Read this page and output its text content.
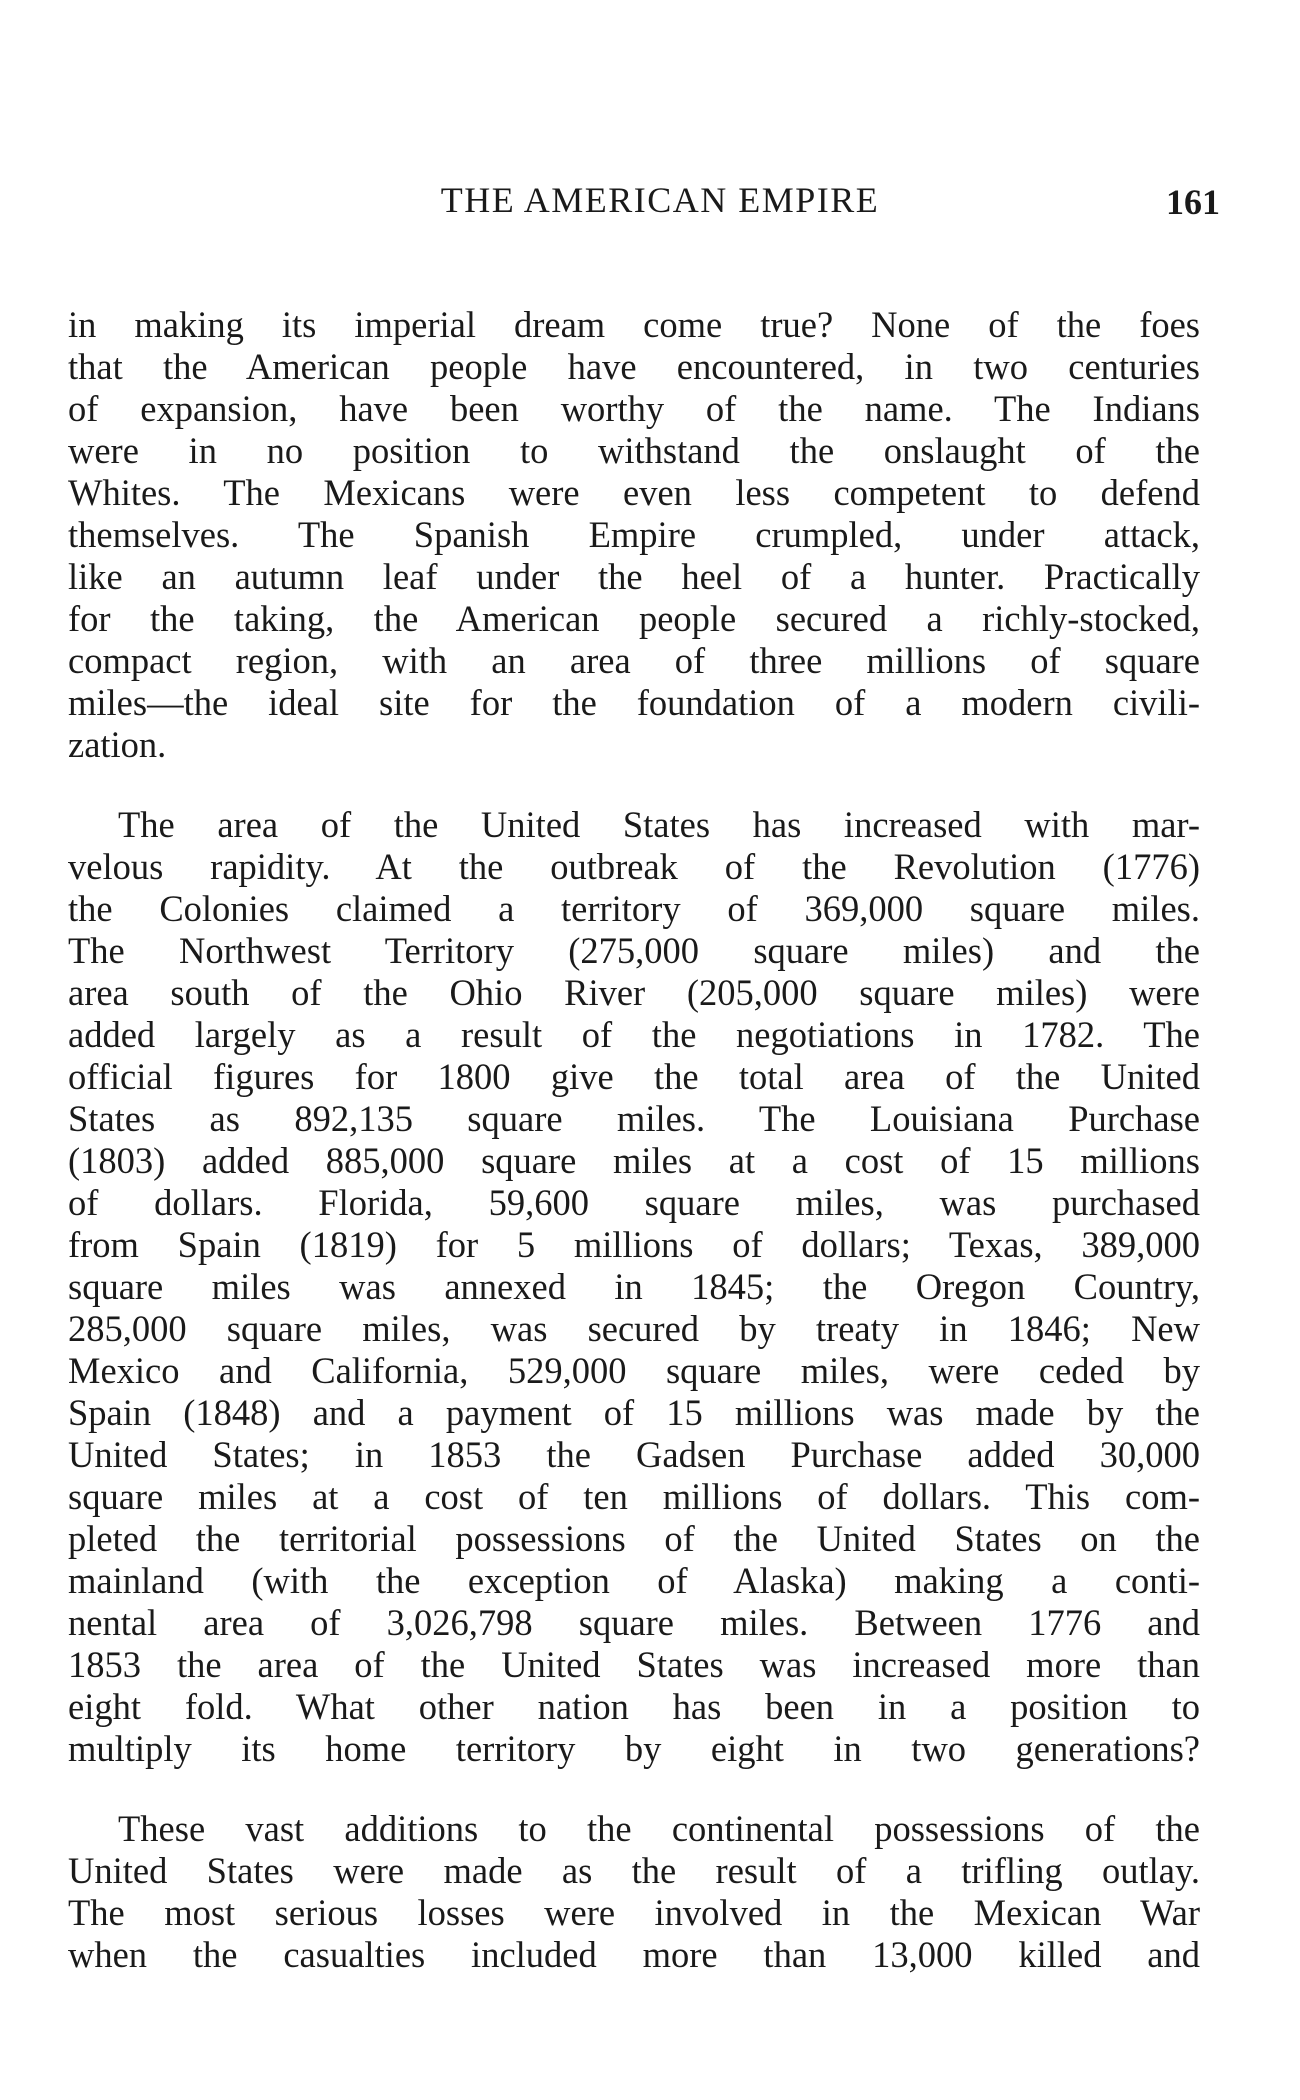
THE AMERICAN EMPIRE	161

in making its imperial dream come true? None of the foes
that the American people have encountered, in two centuries
of expansion, have been worthy of the name. The Indians
were in no position to withstand the onslaught of the
Whites. The Mexicans were even less competent to defend
themselves. The Spanish Empire crumpled, under attack,
like an autumn leaf under the heel of a hunter. Practically
for the taking, the American people secured a richly-stocked,
compact region, with an area of three millions of square
miles—the ideal site for the foundation of a modern civili-
zation.

The area of the United States has increased with mar-
velous rapidity. At the outbreak of the Revolution (1776)
the Colonies claimed a territory of 369,000 square miles.
The Northwest Territory (275,000 square miles) and the
area south of the Ohio River (205,000 square miles) were
added largely as a result of the negotiations in 1782. The
official figures for 1800 give the total area of the United
States as 892,135 square miles. The Louisiana Purchase
(1803) added 885,000 square miles at a cost of 15 millions
of dollars. Florida, 59,600 square miles, was purchased
from Spain (1819) for 5 millions of dollars; Texas, 389,000
square miles was annexed in 1845; the Oregon Country,
285,000 square miles, was secured by treaty in 1846; New
Mexico and California, 529,000 square miles, were ceded by
Spain (1848) and a payment of 15 millions was made by the
United States; in 1853 the Gadsen Purchase added 30,000
square miles at a cost of ten millions of dollars. This com-
pleted the territorial possessions of the United States on the
mainland (with the exception of Alaska) making a conti-
nental area of 3,026,798 square miles. Between 1776 and
1853 the area of the United States was increased more than
eight fold. What other nation has been in a position to
multiply its home territory by eight in two generations?

These vast additions to the continental possessions of the
United States were made as the result of a trifling outlay.
The most serious losses were involved in the Mexican War
when the casualties included more than 13,000 killed and
